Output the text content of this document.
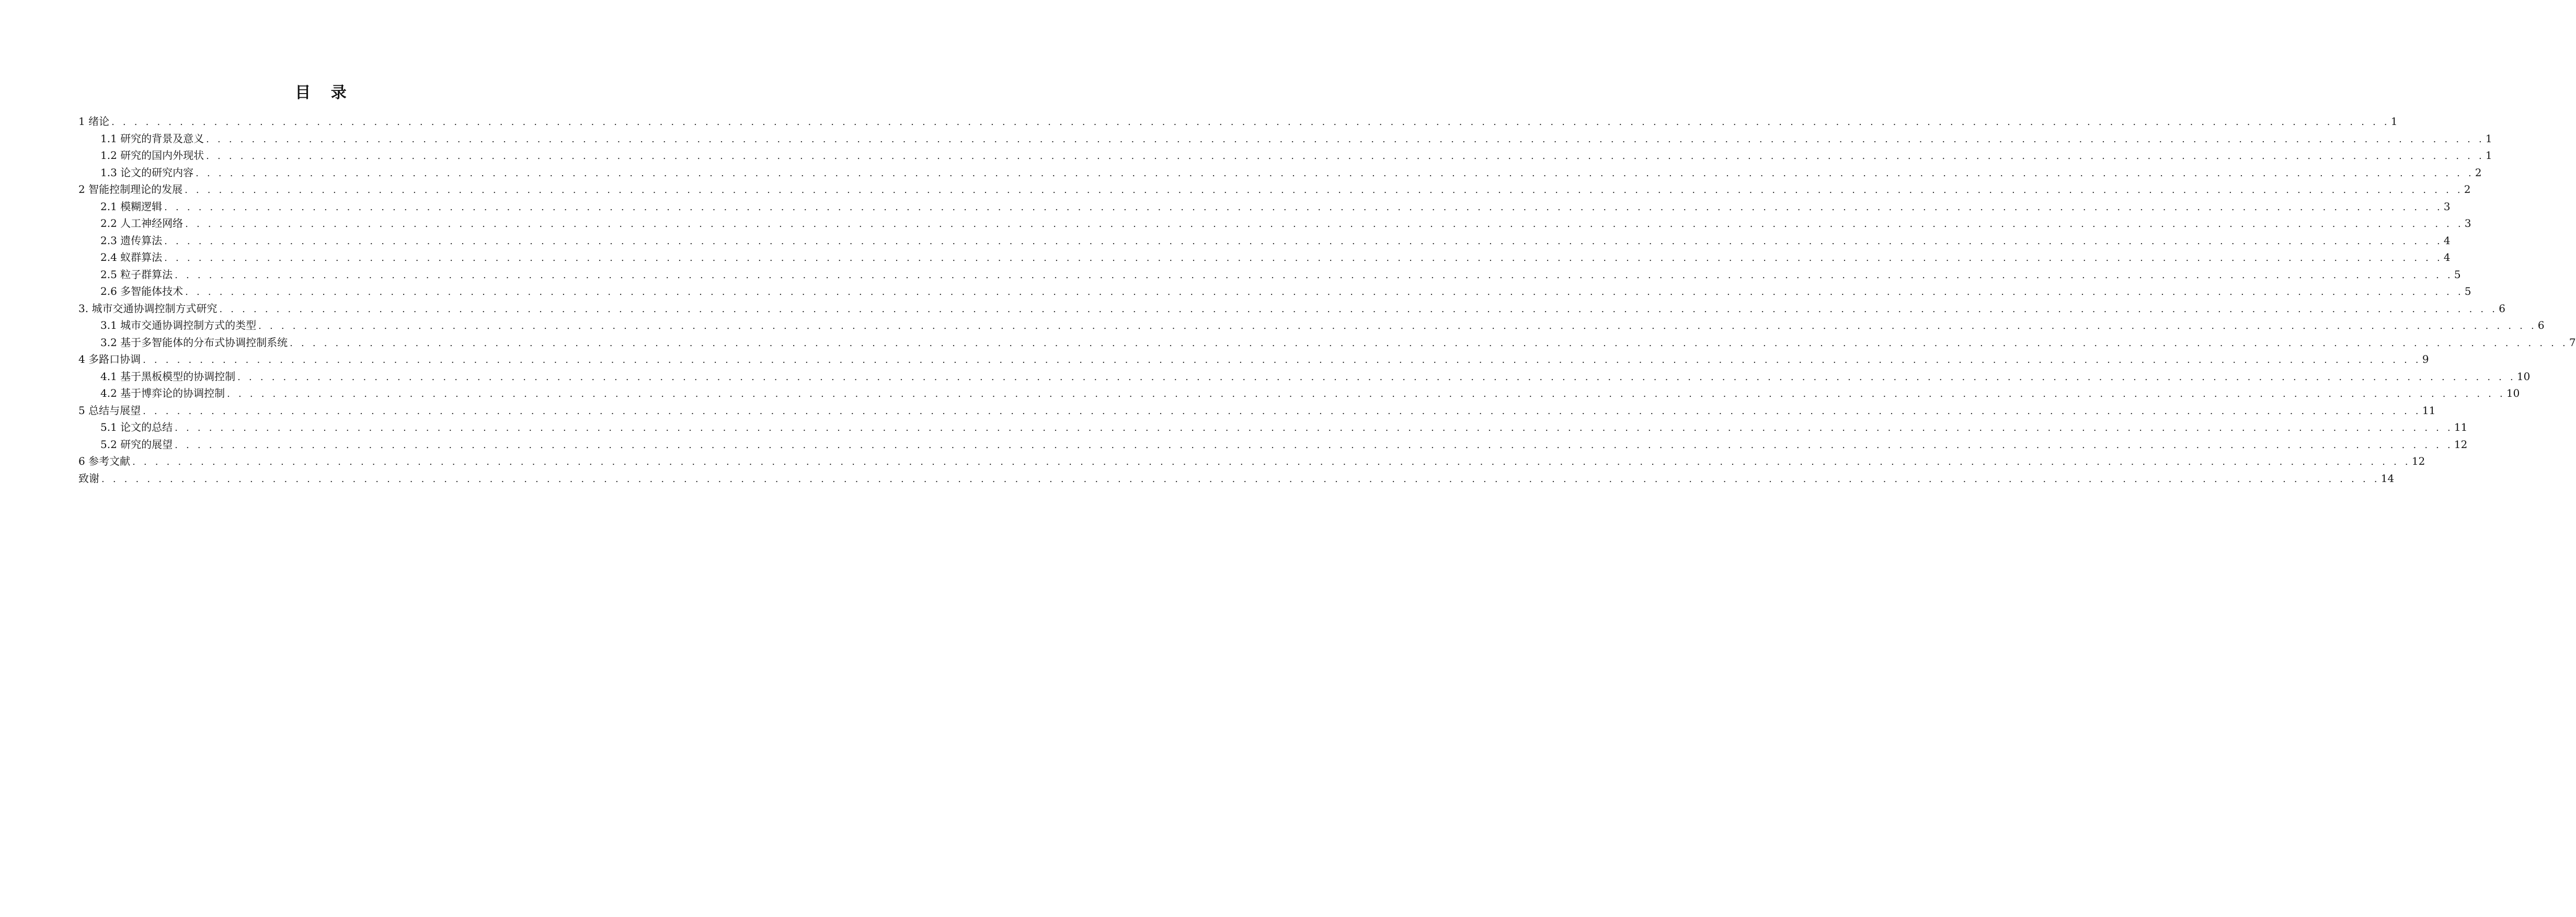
目 录
1 绪论 . . . . . . . . . . . . . . . . . . . . . . . . . . . . . . . . . . . . . . . . . . . . . . . . . . . . . . . . . . . . . . . . . . . . . . . . . . . . . . . . . . . . . . . . . . . . . . . . . . . . . . . . . . . . . . . . . . . . . . . . . . . . . . . . . . . . . . . . . . . . . . . . . . . . . . . . . . . . . . . . . . . . . . . . . . . . . . . . . . . . . . . . . . . . . . . . . . . . . . . . 1
1.1 研究的背景及意义 . . . . . . . . . . . . . . . . . . . . . . . . . . . . . . . . . . . . . . . . . . . . . . . . . . . . . . . . . . . . . . . . . . . . . . . . . . . . . . . . . . . . . . . . . . . . . . . . . . . . . . . . . . . . . . . . . . . . . . . . . . . . . . . . . . . . . . . . . . . . . . . . . . . . . . . . . . . . . . . . . . . . . . . . . . . . . . . . . . . . . . . . . . . . . . . . . . . . . . . . 1
1.2 研究的国内外现状 . . . . . . . . . . . . . . . . . . . . . . . . . . . . . . . . . . . . . . . . . . . . . . . . . . . . . . . . . . . . . . . . . . . . . . . . . . . . . . . . . . . . . . . . . . . . . . . . . . . . . . . . . . . . . . . . . . . . . . . . . . . . . . . . . . . . . . . . . . . . . . . . . . . . . . . . . . . . . . . . . . . . . . . . . . . . . . . . . . . . . . . . . . . . . . . . . . . . . . . . 1
1.3 论文的研究内容 . . . . . . . . . . . . . . . . . . . . . . . . . . . . . . . . . . . . . . . . . . . . . . . . . . . . . . . . . . . . . . . . . . . . . . . . . . . . . . . . . . . . . . . . . . . . . . . . . . . . . . . . . . . . . . . . . . . . . . . . . . . . . . . . . . . . . . . . . . . . . . . . . . . . . . . . . . . . . . . . . . . . . . . . . . . . . . . . . . . . . . . . . . . . . . . . . . . . . . . . 2
2 智能控制理论的发展 . . . . . . . . . . . . . . . . . . . . . . . . . . . . . . . . . . . . . . . . . . . . . . . . . . . . . . . . . . . . . . . . . . . . . . . . . . . . . . . . . . . . . . . . . . . . . . . . . . . . . . . . . . . . . . . . . . . . . . . . . . . . . . . . . . . . . . . . . . . . . . . . . . . . . . . . . . . . . . . . . . . . . . . . . . . . . . . . . . . . . . . . . . . . . . . . . . . . . . . . 2
2.1 模糊逻辑 . . . . . . . . . . . . . . . . . . . . . . . . . . . . . . . . . . . . . . . . . . . . . . . . . . . . . . . . . . . . . . . . . . . . . . . . . . . . . . . . . . . . . . . . . . . . . . . . . . . . . . . . . . . . . . . . . . . . . . . . . . . . . . . . . . . . . . . . . . . . . . . . . . . . . . . . . . . . . . . . . . . . . . . . . . . . . . . . . . . . . . . . . . . . . . . . . . . . . . . . 3
2.2 人工神经网络 . . . . . . . . . . . . . . . . . . . . . . . . . . . . . . . . . . . . . . . . . . . . . . . . . . . . . . . . . . . . . . . . . . . . . . . . . . . . . . . . . . . . . . . . . . . . . . . . . . . . . . . . . . . . . . . . . . . . . . . . . . . . . . . . . . . . . . . . . . . . . . . . . . . . . . . . . . . . . . . . . . . . . . . . . . . . . . . . . . . . . . . . . . . . . . . . . . . . . . . . 3
2.3 遗传算法 . . . . . . . . . . . . . . . . . . . . . . . . . . . . . . . . . . . . . . . . . . . . . . . . . . . . . . . . . . . . . . . . . . . . . . . . . . . . . . . . . . . . . . . . . . . . . . . . . . . . . . . . . . . . . . . . . . . . . . . . . . . . . . . . . . . . . . . . . . . . . . . . . . . . . . . . . . . . . . . . . . . . . . . . . . . . . . . . . . . . . . . . . . . . . . . . . . . . . . . . 4
2.4 蚁群算法 . . . . . . . . . . . . . . . . . . . . . . . . . . . . . . . . . . . . . . . . . . . . . . . . . . . . . . . . . . . . . . . . . . . . . . . . . . . . . . . . . . . . . . . . . . . . . . . . . . . . . . . . . . . . . . . . . . . . . . . . . . . . . . . . . . . . . . . . . . . . . . . . . . . . . . . . . . . . . . . . . . . . . . . . . . . . . . . . . . . . . . . . . . . . . . . . . . . . . . . . 4
2.5 粒子群算法 . . . . . . . . . . . . . . . . . . . . . . . . . . . . . . . . . . . . . . . . . . . . . . . . . . . . . . . . . . . . . . . . . . . . . . . . . . . . . . . . . . . . . . . . . . . . . . . . . . . . . . . . . . . . . . . . . . . . . . . . . . . . . . . . . . . . . . . . . . . . . . . . . . . . . . . . . . . . . . . . . . . . . . . . . . . . . . . . . . . . . . . . . . . . . . . . . . . . . . . . 5
2.6 多智能体技术 . . . . . . . . . . . . . . . . . . . . . . . . . . . . . . . . . . . . . . . . . . . . . . . . . . . . . . . . . . . . . . . . . . . . . . . . . . . . . . . . . . . . . . . . . . . . . . . . . . . . . . . . . . . . . . . . . . . . . . . . . . . . . . . . . . . . . . . . . . . . . . . . . . . . . . . . . . . . . . . . . . . . . . . . . . . . . . . . . . . . . . . . . . . . . . . . . . . . . . . . 5
3. 城市交通协调控制方式研究 . . . . . . . . . . . . . . . . . . . . . . . . . . . . . . . . . . . . . . . . . . . . . . . . . . . . . . . . . . . . . . . . . . . . . . . . . . . . . . . . . . . . . . . . . . . . . . . . . . . . . . . . . . . . . . . . . . . . . . . . . . . . . . . . . . . . . . . . . . . . . . . . . . . . . . . . . . . . . . . . . . . . . . . . . . . . . . . . . . . . . . . . . . . . . . . . . . . . . . . . 6
3.1 城市交通协调控制方式的类型 . . . . . . . . . . . . . . . . . . . . . . . . . . . . . . . . . . . . . . . . . . . . . . . . . . . . . . . . . . . . . . . . . . . . . . . . . . . . . . . . . . . . . . . . . . . . . . . . . . . . . . . . . . . . . . . . . . . . . . . . . . . . . . . . . . . . . . . . . . . . . . . . . . . . . . . . . . . . . . . . . . . . . . . . . . . . . . . . . . . . . . . . . . . . . . . . . . . . . . . . 6
3.2 基于多智能体的分布式协调控制系统 . . . . . . . . . . . . . . . . . . . . . . . . . . . . . . . . . . . . . . . . . . . . . . . . . . . . . . . . . . . . . . . . . . . . . . . . . . . . . . . . . . . . . . . . . . . . . . . . . . . . . . . . . . . . . . . . . . . . . . . . . . . . . . . . . . . . . . . . . . . . . . . . . . . . . . . . . . . . . . . . . . . . . . . . . . . . . . . . . . . . . . . . . . . . . . . . . . . . . . . . 7
4 多路口协调 . . . . . . . . . . . . . . . . . . . . . . . . . . . . . . . . . . . . . . . . . . . . . . . . . . . . . . . . . . . . . . . . . . . . . . . . . . . . . . . . . . . . . . . . . . . . . . . . . . . . . . . . . . . . . . . . . . . . . . . . . . . . . . . . . . . . . . . . . . . . . . . . . . . . . . . . . . . . . . . . . . . . . . . . . . . . . . . . . . . . . . . . . . . . . . . . . . . . . . . . 9
4.1 基于黑板模型的协调控制 . . . . . . . . . . . . . . . . . . . . . . . . . . . . . . . . . . . . . . . . . . . . . . . . . . . . . . . . . . . . . . . . . . . . . . . . . . . . . . . . . . . . . . . . . . . . . . . . . . . . . . . . . . . . . . . . . . . . . . . . . . . . . . . . . . . . . . . . . . . . . . . . . . . . . . . . . . . . . . . . . . . . . . . . . . . . . . . . . . . . . . . . . . . . . . . . . . . . . . . . 10
4.2 基于博弈论的协调控制 . . . . . . . . . . . . . . . . . . . . . . . . . . . . . . . . . . . . . . . . . . . . . . . . . . . . . . . . . . . . . . . . . . . . . . . . . . . . . . . . . . . . . . . . . . . . . . . . . . . . . . . . . . . . . . . . . . . . . . . . . . . . . . . . . . . . . . . . . . . . . . . . . . . . . . . . . . . . . . . . . . . . . . . . . . . . . . . . . . . . . . . . . . . . . . . . . . . . . . . . 10
5 总结与展望 . . . . . . . . . . . . . . . . . . . . . . . . . . . . . . . . . . . . . . . . . . . . . . . . . . . . . . . . . . . . . . . . . . . . . . . . . . . . . . . . . . . . . . . . . . . . . . . . . . . . . . . . . . . . . . . . . . . . . . . . . . . . . . . . . . . . . . . . . . . . . . . . . . . . . . . . . . . . . . . . . . . . . . . . . . . . . . . . . . . . . . . . . . . . . . . . . . . . . . . . 11
5.1 论文的总结 . . . . . . . . . . . . . . . . . . . . . . . . . . . . . . . . . . . . . . . . . . . . . . . . . . . . . . . . . . . . . . . . . . . . . . . . . . . . . . . . . . . . . . . . . . . . . . . . . . . . . . . . . . . . . . . . . . . . . . . . . . . . . . . . . . . . . . . . . . . . . . . . . . . . . . . . . . . . . . . . . . . . . . . . . . . . . . . . . . . . . . . . . . . . . . . . . . . . . . . . 11
5.2 研究的展望 . . . . . . . . . . . . . . . . . . . . . . . . . . . . . . . . . . . . . . . . . . . . . . . . . . . . . . . . . . . . . . . . . . . . . . . . . . . . . . . . . . . . . . . . . . . . . . . . . . . . . . . . . . . . . . . . . . . . . . . . . . . . . . . . . . . . . . . . . . . . . . . . . . . . . . . . . . . . . . . . . . . . . . . . . . . . . . . . . . . . . . . . . . . . . . . . . . . . . . . . 12
6 参考文献 . . . . . . . . . . . . . . . . . . . . . . . . . . . . . . . . . . . . . . . . . . . . . . . . . . . . . . . . . . . . . . . . . . . . . . . . . . . . . . . . . . . . . . . . . . . . . . . . . . . . . . . . . . . . . . . . . . . . . . . . . . . . . . . . . . . . . . . . . . . . . . . . . . . . . . . . . . . . . . . . . . . . . . . . . . . . . . . . . . . . . . . . . . . . . . . . . . . . . . . . 12
致谢 . . . . . . . . . . . . . . . . . . . . . . . . . . . . . . . . . . . . . . . . . . . . . . . . . . . . . . . . . . . . . . . . . . . . . . . . . . . . . . . . . . . . . . . . . . . . . . . . . . . . . . . . . . . . . . . . . . . . . . . . . . . . . . . . . . . . . . . . . . . . . . . . . . . . . . . . . . . . . . . . . . . . . . . . . . . . . . . . . . . . . . . . . . . . . . . . . . . . . . . . 14
